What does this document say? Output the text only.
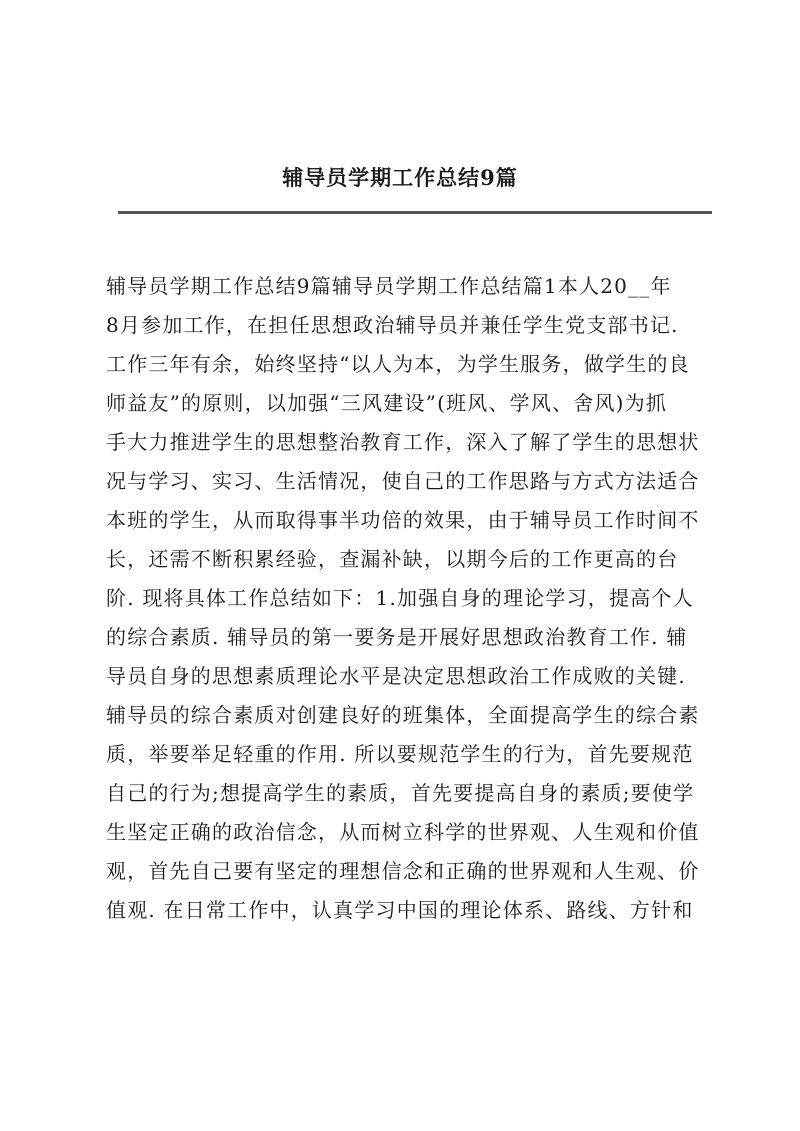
辅导员学期工作总结9篇
辅导员学期工作总结9篇辅导员学期工作总结篇1本人20__年
8月参加工作，在担任思想政治辅导员并兼任学生党支部书记.
工作三年有余，始终坚持“以人为本，为学生服务，做学生的良
师益友”的原则，以加强“三风建设”(班风、学风、舍风)为抓
手大力推进学生的思想整治教育工作，深入了解了学生的思想状
况与学习、实习、生活情况，使自己的工作思路与方式方法适合
本班的学生，从而取得事半功倍的效果，由于辅导员工作时间不
长，还需不断积累经验，查漏补缺，以期今后的工作更高的台
阶. 现将具体工作总结如下：1.加强自身的理论学习，提高个人
的综合素质. 辅导员的第一要务是开展好思想政治教育工作. 辅
导员自身的思想素质理论水平是决定思想政治工作成败的关键.
辅导员的综合素质对创建良好的班集体，全面提高学生的综合素
质，举要举足轻重的作用. 所以要规范学生的行为，首先要规范
自己的行为;想提高学生的素质，首先要提高自身的素质;要使学
生坚定正确的政治信念，从而树立科学的世界观、人生观和价值
观，首先自己要有坚定的理想信念和正确的世界观和人生观、价
值观. 在日常工作中，认真学习中国的理论体系、路线、方针和
